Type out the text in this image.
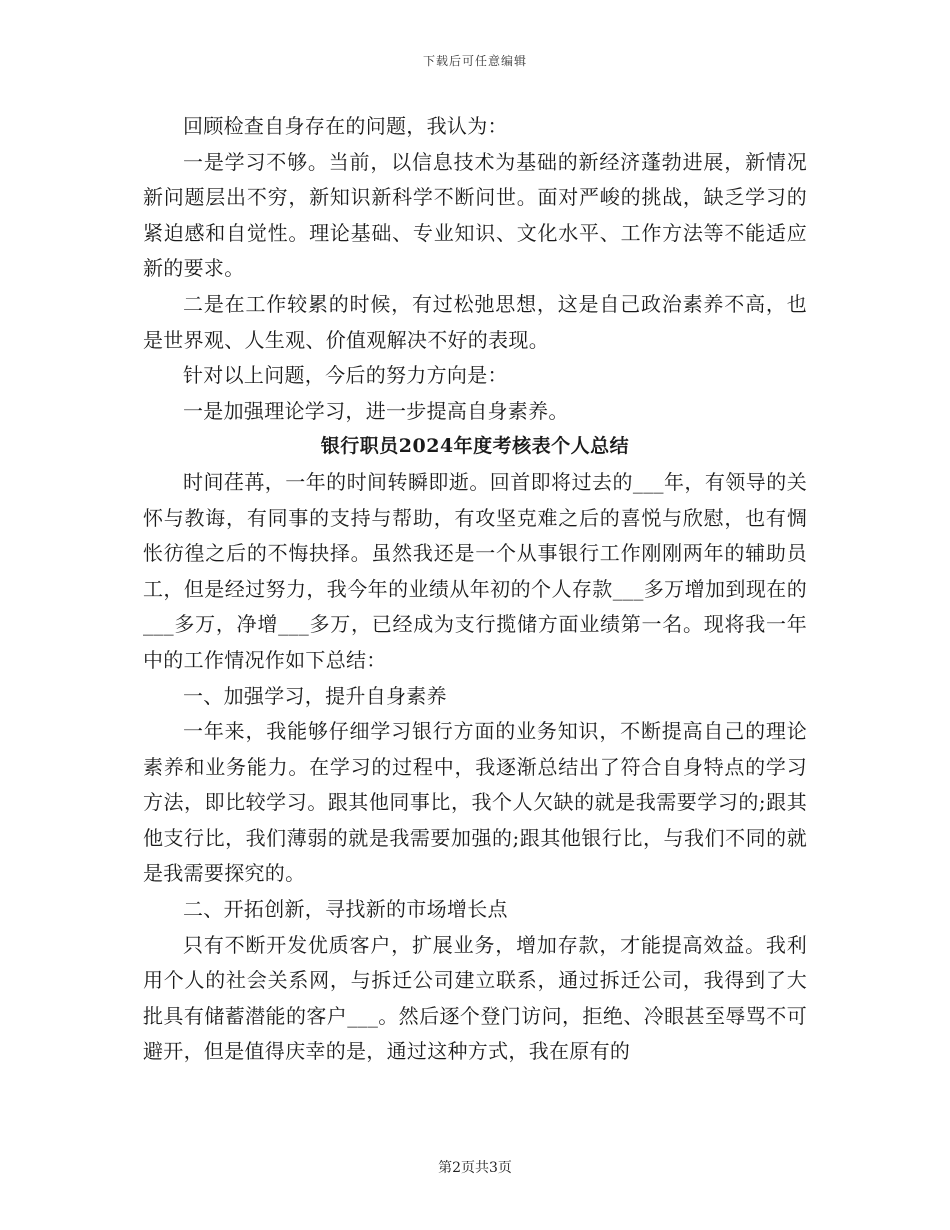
下载后可任意编辑

回顾检查自身存在的问题，我认为：

一是学习不够。当前，以信息技术为基础的新经济蓬勃进展，新情况新问题层出不穷，新知识新科学不断问世。面对严峻的挑战，缺乏学习的紧迫感和自觉性。理论基础、专业知识、文化水平、工作方法等不能适应新的要求。

二是在工作较累的时候，有过松弛思想，这是自己政治素养不高，也是世界观、人生观、价值观解决不好的表现。

针对以上问题，今后的努力方向是：

一是加强理论学习，进一步提高自身素养。

银行职员2024年度考核表个人总结

时间荏苒，一年的时间转瞬即逝。回首即将过去的___年，有领导的关怀与教诲，有同事的支持与帮助，有攻坚克难之后的喜悦与欣慰，也有惆怅彷徨之后的不悔抉择。虽然我还是一个从事银行工作刚刚两年的辅助员工，但是经过努力，我今年的业绩从年初的个人存款___多万增加到现在的___多万，净增___多万，已经成为支行揽储方面业绩第一名。现将我一年中的工作情况作如下总结：

一、加强学习，提升自身素养

一年来，我能够仔细学习银行方面的业务知识，不断提高自己的理论素养和业务能力。在学习的过程中，我逐渐总结出了符合自身特点的学习方法，即比较学习。跟其他同事比，我个人欠缺的就是我需要学习的;跟其他支行比，我们薄弱的就是我需要加强的;跟其他银行比，与我们不同的就是我需要探究的。

二、开拓创新，寻找新的市场增长点

只有不断开发优质客户，扩展业务，增加存款，才能提高效益。我利用个人的社会关系网，与拆迁公司建立联系，通过拆迁公司，我得到了大批具有储蓄潜能的客户___。然后逐个登门访问，拒绝、冷眼甚至辱骂不可避开，但是值得庆幸的是，通过这种方式，我在原有的

第2页共3页
